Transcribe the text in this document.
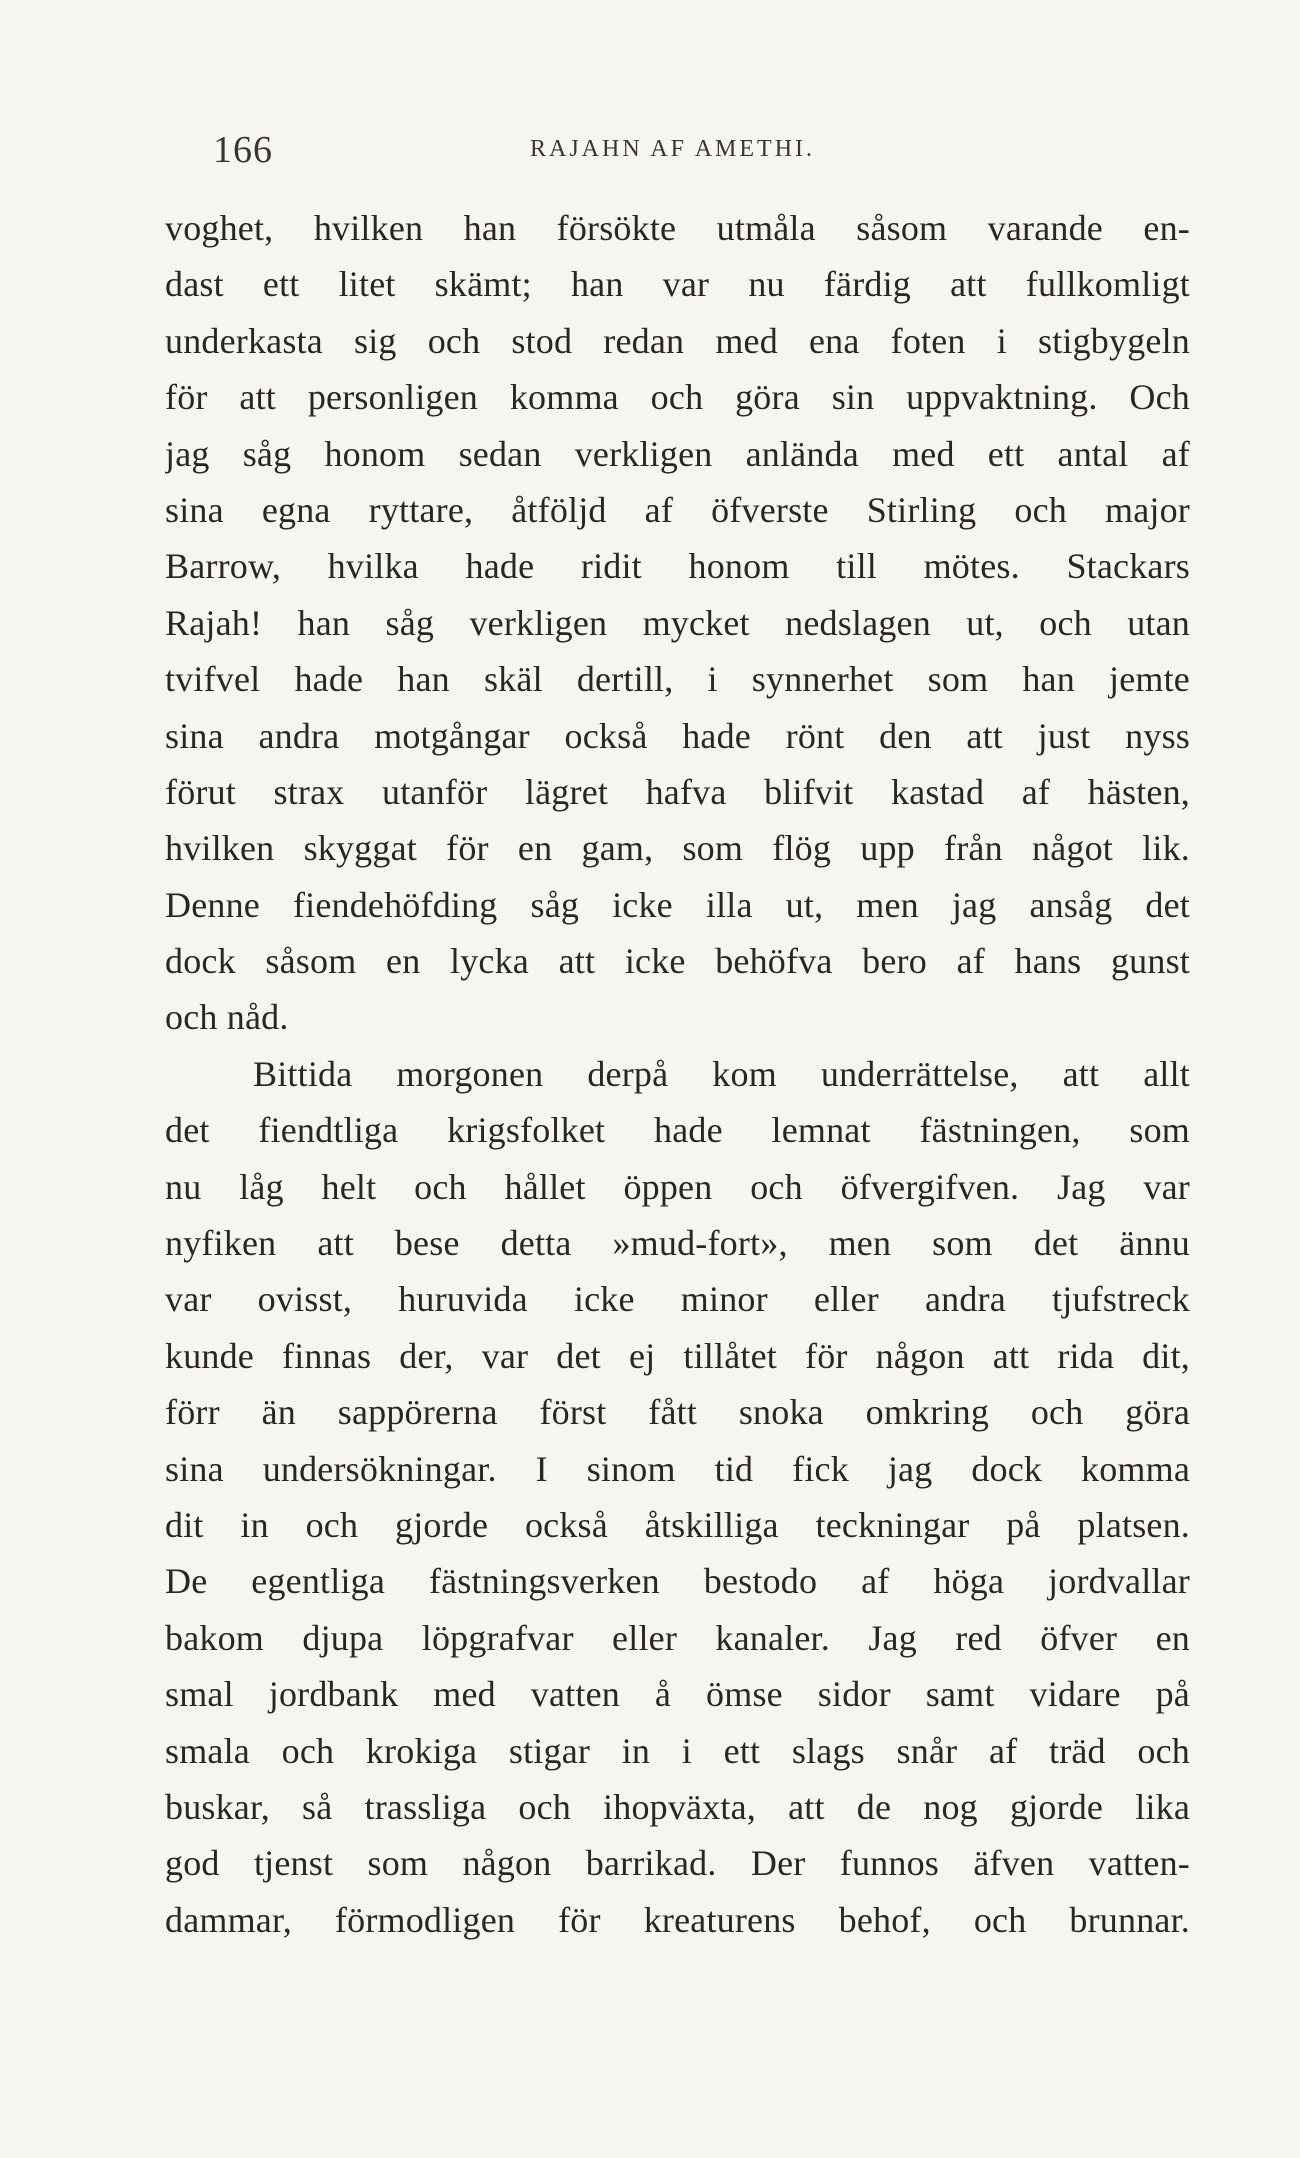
166	RAJAHN AF AMETHI.
voghet, hvilken han försökte utmåla såsom varande en-
dast ett litet skämt; han var nu färdig att fullkomligt
underkasta sig och stod redan med ena foten i stigbygeln
för att personligen komma och göra sin uppvaktning. Och
jag såg honom sedan verkligen anlända med ett antal af
sina egna ryttare, åtföljd af öfverste Stirling och major
Barrow, hvilka hade ridit honom till mötes. Stackars
Rajah! han såg verkligen mycket nedslagen ut, och utan
tvifvel hade han skäl dertill, i synnerhet som han jemte
sina andra motgångar också hade rönt den att just nyss
förut strax utanför lägret hafva blifvit kastad af hästen,
hvilken skyggat för en gam, som flög upp från något lik.
Denne fiendehöfding såg icke illa ut, men jag ansåg det
dock såsom en lycka att icke behöfva bero af hans gunst
och nåd.
Bittida morgonen derpå kom underrättelse, att allt
det fiendtliga krigsfolket hade lemnat fästningen, som
nu låg helt och hållet öppen och öfvergifven. Jag var
nyfiken att bese detta »mud-fort», men som det ännu
var ovisst, huruvida icke minor eller andra tjufstreck
kunde finnas der, var det ej tillåtet för någon att rida dit,
förr än sappörerna först fått snoka omkring och göra
sina undersökningar. I sinom tid fick jag dock komma
dit in och gjorde också åtskilliga teckningar på platsen.
De egentliga fästningsverken bestodo af höga jordvallar
bakom djupa löpgrafvar eller kanaler. Jag red öfver en
smal jordbank med vatten å ömse sidor samt vidare på
smala och krokiga stigar in i ett slags snår af träd och
buskar, så trassliga och ihopväxta, att de nog gjorde lika
god tjenst som någon barrikad. Der funnos äfven vatten-
dammar, förmodligen för kreaturens behof, och brunnar.
